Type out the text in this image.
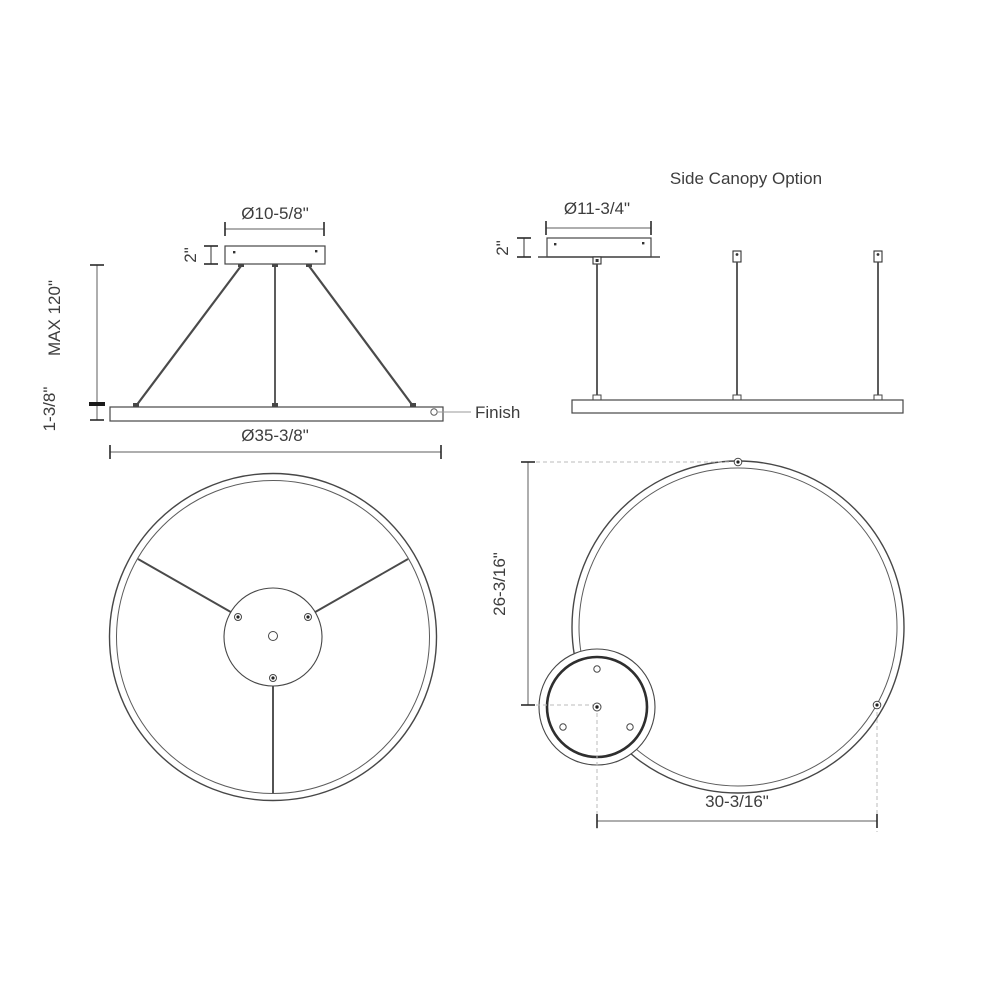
Ø10-5/8"
2"
Finish
Ø35-3/8"
MAX 120"
1-3/8"
Side Canopy Option
Ø11-3/4"
2"
26-3/16"
30-3/16"
